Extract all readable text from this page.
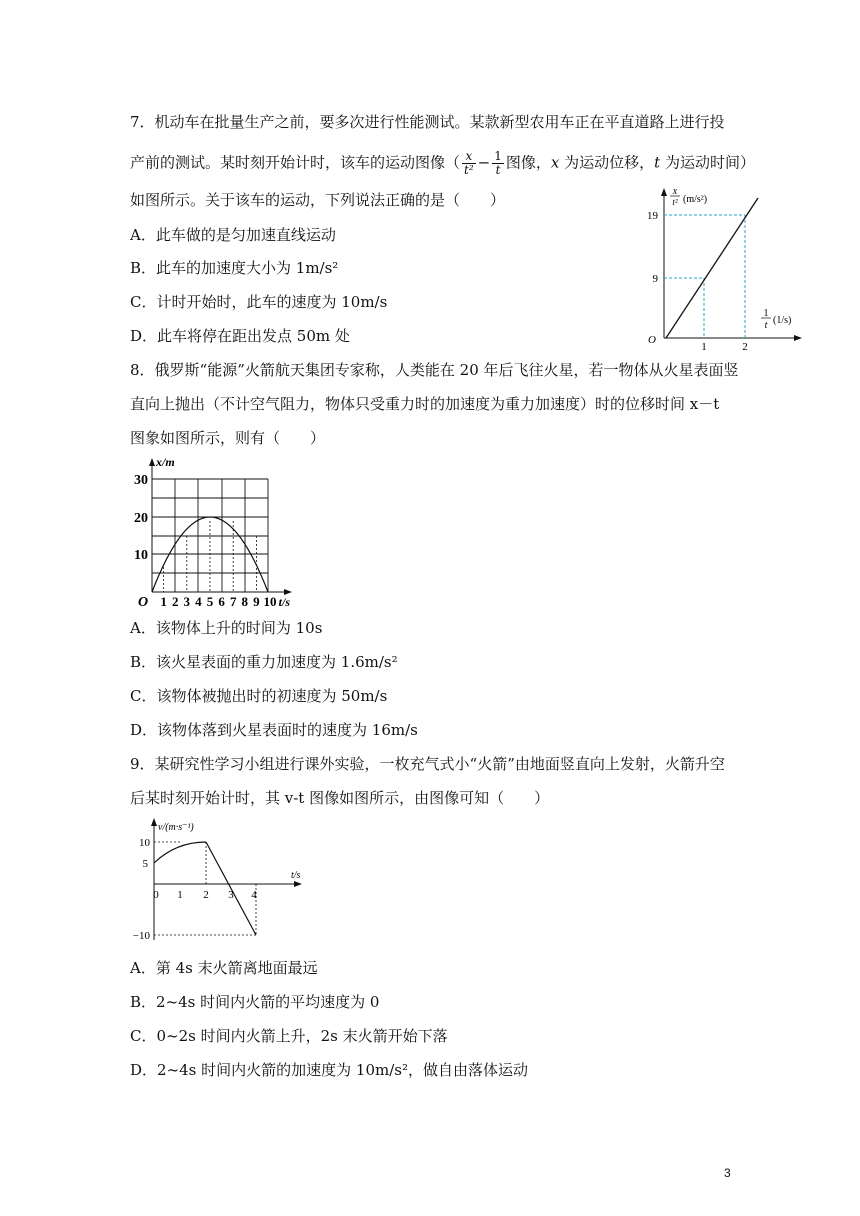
7．机动车在批量生产之前，要多次进行性能测试。某款新型农用车正在平直道路上进行投
产前的测试。某时刻开始计时，该车的运动图像（ $\frac{x}{\text{t²}} - \frac{1}{t}$ 图像，x 为运动位移，t 为运动时间）
如图所示。关于该车的运动，下列说法正确的是（　　）
A．此车做的是匀加速直线运动
B．此车的加速度大小为 1m/s²
C．计时开始时，此车的速度为 10m/s
D．此车将停在距出发点 50m 处
x
t² (m/s²)
1
t (1/s)
O
19
9
1	2
8．俄罗斯“能源”火箭航天集团专家称，人类能在 20 年后飞往火星，若一物体从火星表面竖
直向上抛出（不计空气阻力，物体只受重力时的加速度为重力加速度）时的位移时间 x－t
图象如图所示，则有（　　）
x/m
t/s
O
30
20
10
1 2 3 4 5 6 7 8 9 10
A．该物体上升的时间为 10s
B．该火星表面的重力加速度为 1.6m/s²
C．该物体被抛出时的初速度为 50m/s
D．该物体落到火星表面时的速度为 16m/s
9．某研究性学习小组进行课外实验，一枚充气式小“火箭”由地面竖直向上发射，火箭升空
后某时刻开始计时，其 v-t 图像如图所示，由图像可知（　　）
v/(m·s⁻¹)
t/s
10
5
−10
0 1 2 3 4
A．第 4s 末火箭离地面最远
B．2~4s 时间内火箭的平均速度为 0
C．0~2s 时间内火箭上升，2s 末火箭开始下落
D．2~4s 时间内火箭的加速度为 10m/s²，做自由落体运动
3
